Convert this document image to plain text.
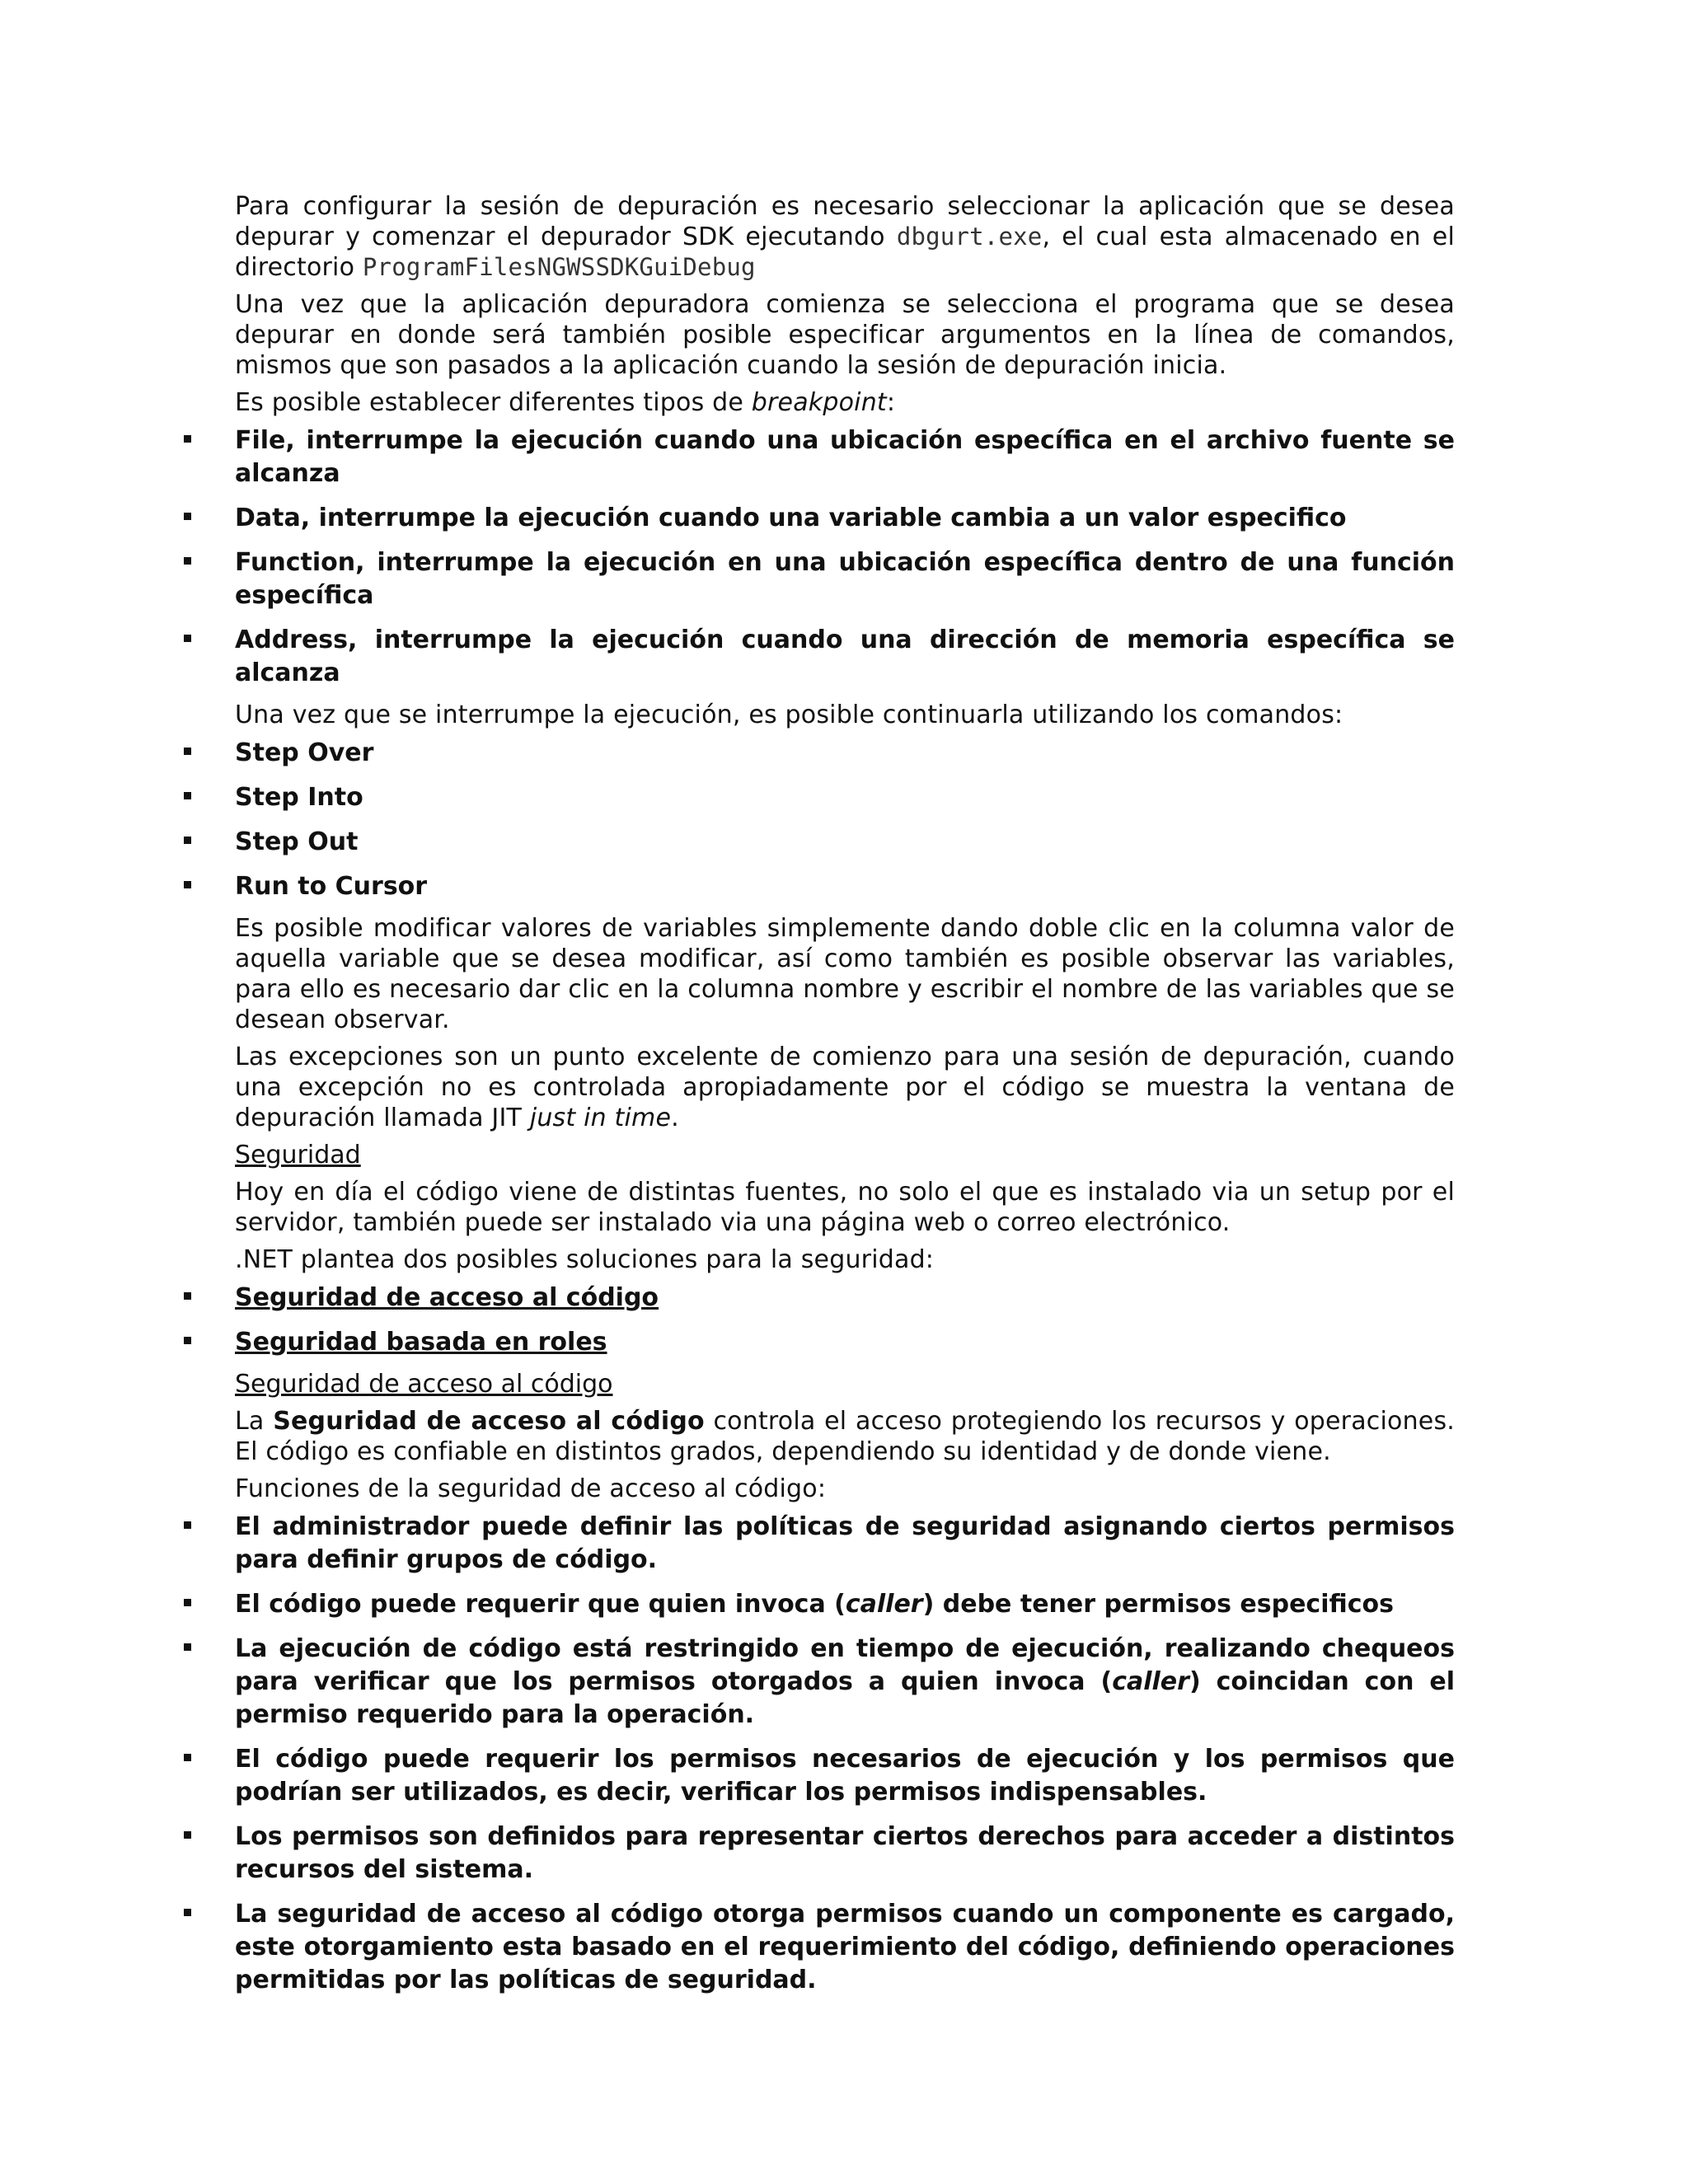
Para configurar la sesión de depuración es necesario seleccionar la aplicación que se desea depurar y comenzar el depurador SDK ejecutando dbgurt.exe, el cual esta almacenado en el directorio ProgramFilesNGWSSDKGuiDebug

Una vez que la aplicación depuradora comienza se selecciona el programa que se desea depurar en donde será también posible especificar argumentos en la línea de comandos, mismos que son pasados a la aplicación cuando la sesión de depuración inicia.

Es posible establecer diferentes tipos de breakpoint:

File, interrumpe la ejecución cuando una ubicación específica en el archivo fuente se alcanza
Data, interrumpe la ejecución cuando una variable cambia a un valor especifico
Function, interrumpe la ejecución en una ubicación específica dentro de una función específica
Address, interrumpe la ejecución cuando una dirección de memoria específica se alcanza

Una vez que se interrumpe la ejecución, es posible continuarla utilizando los comandos:

Step Over
Step Into
Step Out
Run to Cursor

Es posible modificar valores de variables simplemente dando doble clic en la columna valor de aquella variable que se desea modificar, así como también es posible observar las variables, para ello es necesario dar clic en la columna nombre y escribir el nombre de las variables que se desean observar.

Las excepciones son un punto excelente de comienzo para una sesión de depuración, cuando una excepción no es controlada apropiadamente por el código se muestra la ventana de depuración llamada JIT just in time.

Seguridad

Hoy en día el código viene de distintas fuentes, no solo el que es instalado via un setup por el servidor, también puede ser instalado via una página web o correo electrónico.

.NET plantea dos posibles soluciones para la seguridad:

Seguridad de acceso al código
Seguridad basada en roles

Seguridad de acceso al código

La Seguridad de acceso al código controla el acceso protegiendo los recursos y operaciones. El código es confiable en distintos grados, dependiendo su identidad y de donde viene.

Funciones de la seguridad de acceso al código:

El administrador puede definir las políticas de seguridad asignando ciertos permisos para definir grupos de código.
El código puede requerir que quien invoca (caller) debe tener permisos especificos
La ejecución de código está restringido en tiempo de ejecución, realizando chequeos para verificar que los permisos otorgados a quien invoca (caller) coincidan con el permiso requerido para la operación.
El código puede requerir los permisos necesarios de ejecución y los permisos que podrían ser utilizados, es decir, verificar los permisos indispensables.
Los permisos son definidos para representar ciertos derechos para acceder a distintos recursos del sistema.
La seguridad de acceso al código otorga permisos cuando un componente es cargado, este otorgamiento esta basado en el requerimiento del código, definiendo operaciones permitidas por las políticas de seguridad.
